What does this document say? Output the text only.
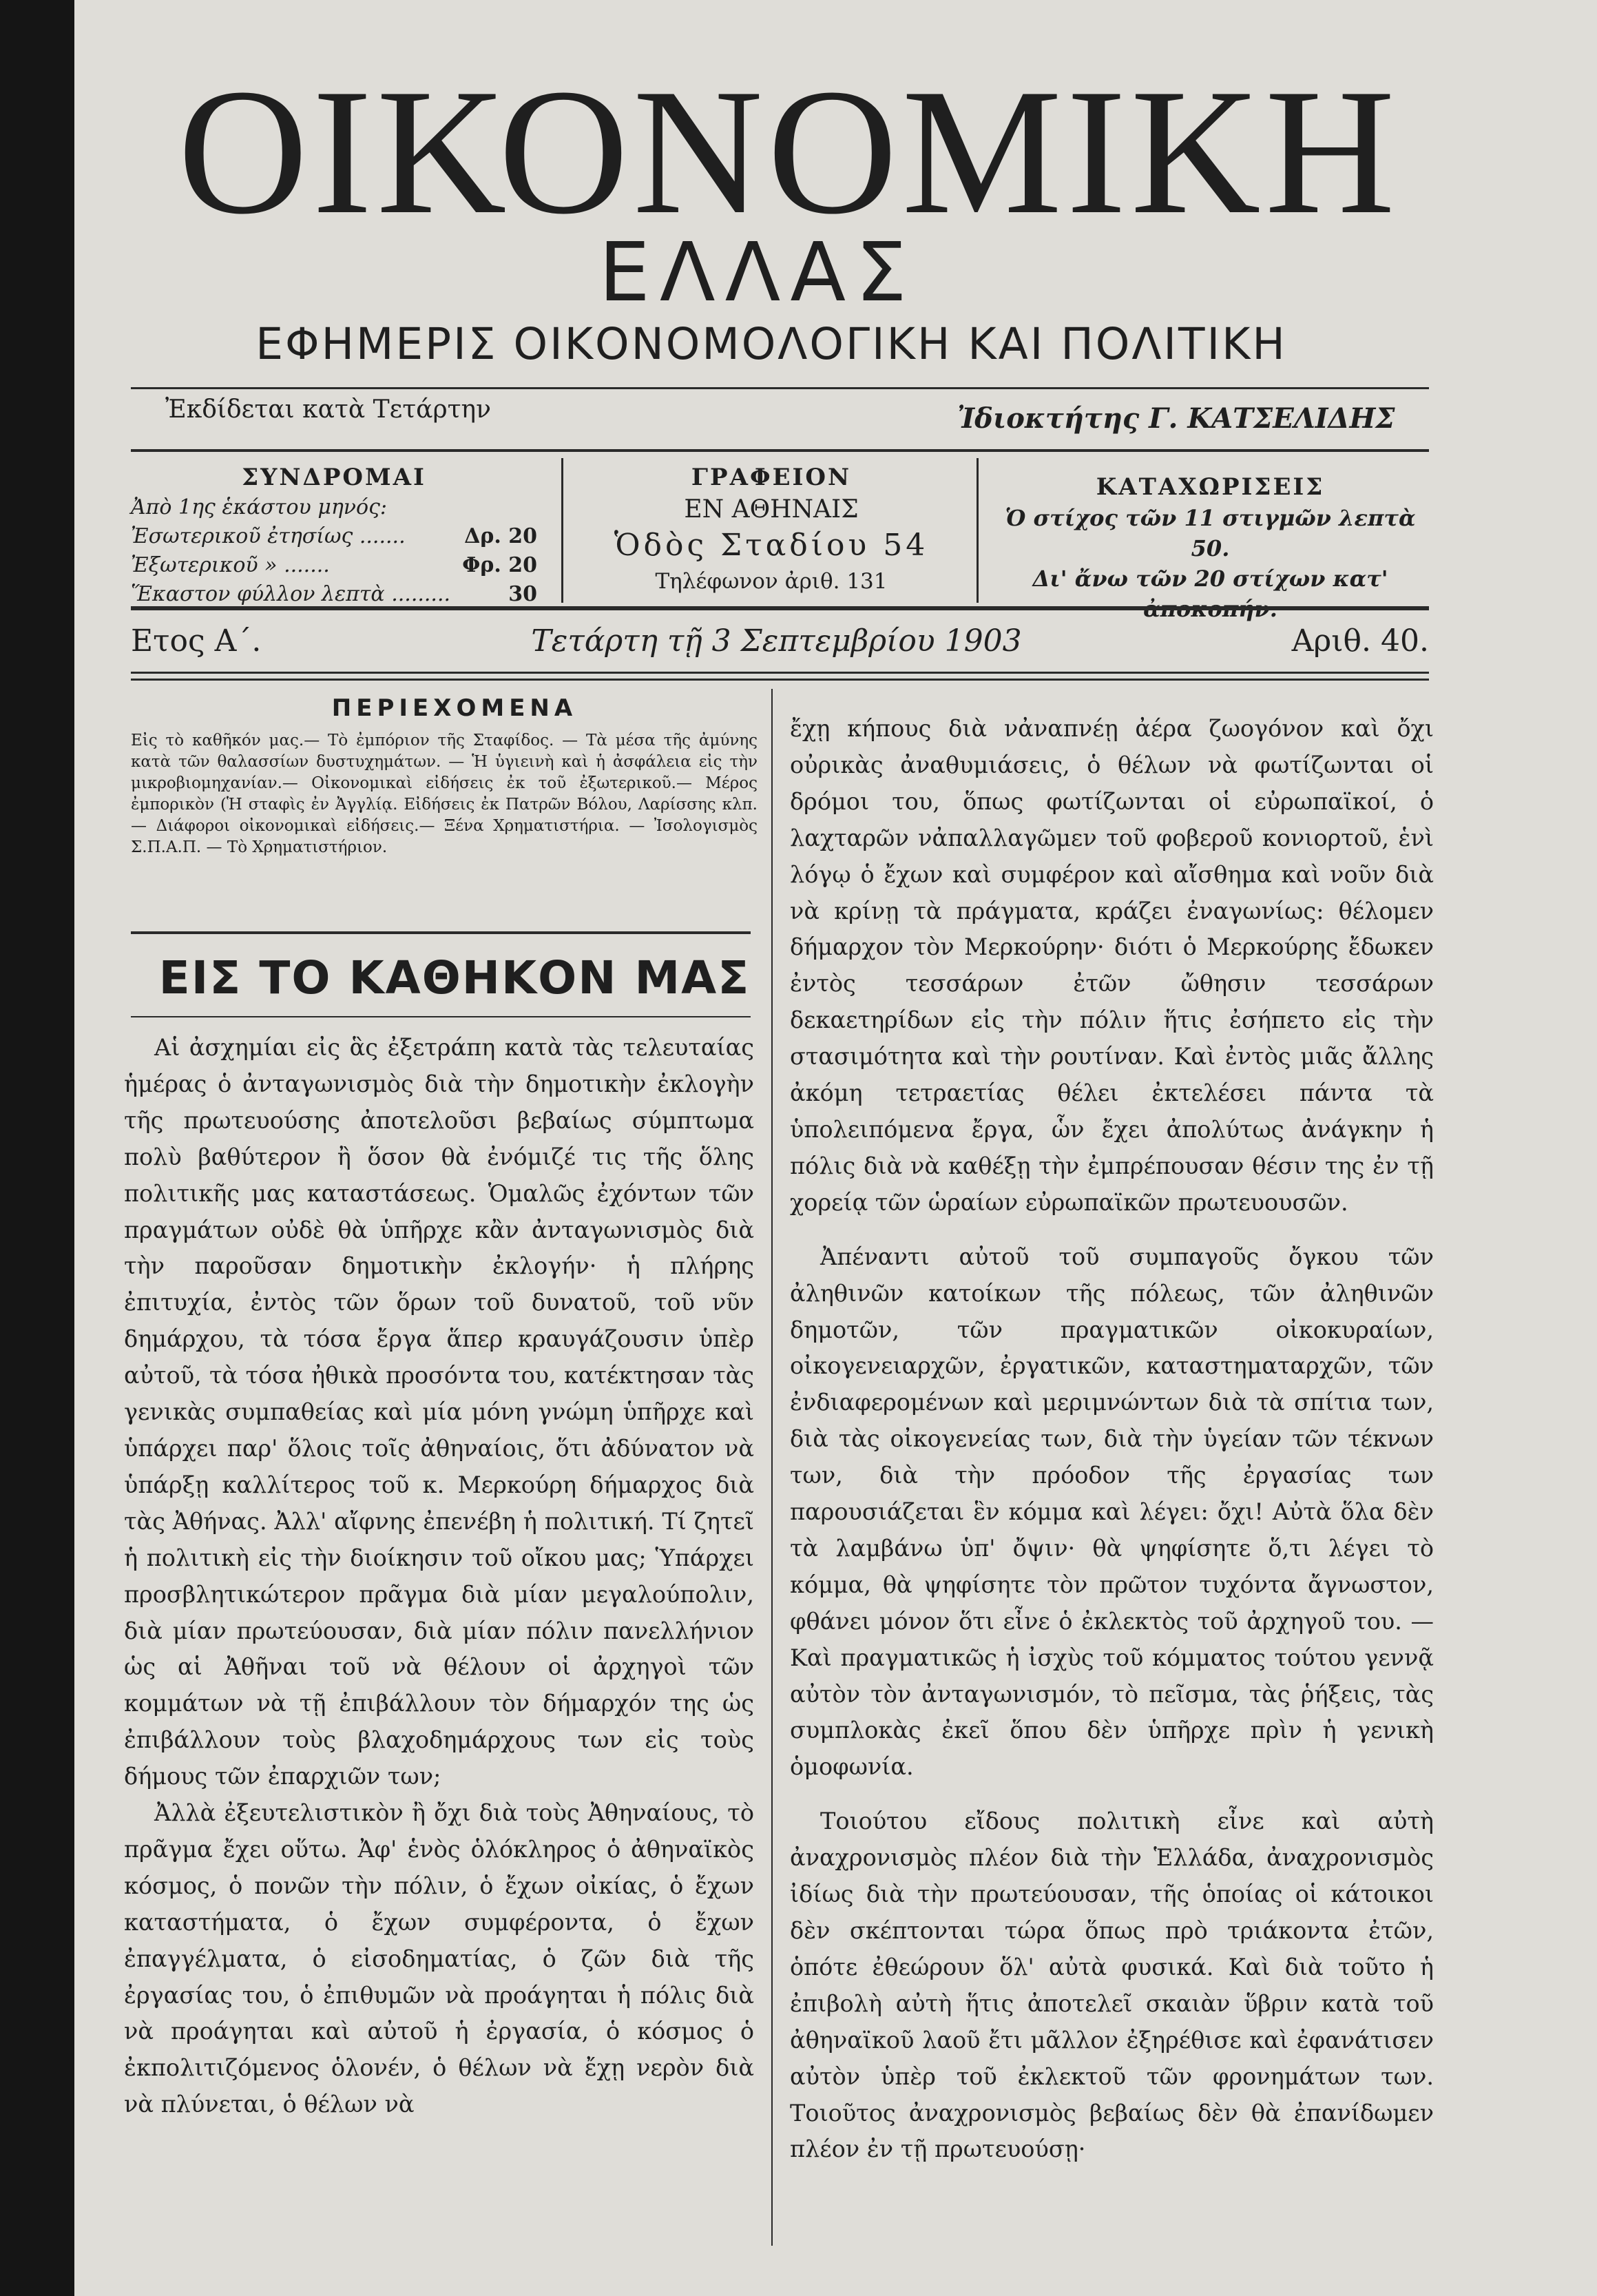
ΟΙΚΟΝΟΜΙΚΗ
ΕΛΛΑΣ
ΕΦΗΜΕΡΙΣ ΟΙΚΟΝΟΜΟΛΟΓΙΚΗ ΚΑΙ ΠΟΛΙΤΙΚΗ
Ἐκδίδεται κατὰ Τετάρτην	Ἰδιοκτήτης Γ. ΚΑΤΣΕΛΙΔΗΣ
ΣΥΝΔΡΟΜΑΙ
Ἀπὸ 1ης ἑκάστου μηνός:
Ἐσωτερικοῦ ἐτησίως .......	Δρ. 20
Ἐξωτερικοῦ » .......	Φρ. 20
Ἕκαστον φύλλον λεπτὰ .........	30
ΓΡΑΦΕΙΟΝ
ΕΝ ΑΘΗΝΑΙΣ
Ὁδὸς Σταδίου 54
Τηλέφωνον ἀριθ. 131
ΚΑΤΑΧΩΡΙΣΕΙΣ
Ὁ στίχος τῶν 11 στιγμῶν λεπτὰ 50.
Δι' ἄνω τῶν 20 στίχων κατ'
Ετος Α΄.	Τετάρτη τῇ 3 Σεπτεμβρίου 1903	Αριθ. 40.
ΠΕΡΙΕΧΟΜΕΝΑ
Εἰς τὸ καθῆκόν μας.— Τὸ ἐμπόριον τῆς Σταφίδος. — Τὰ μέσα τῆς ἀμύνης κατὰ τῶν θαλασσίων δυστυχημάτων. — Ἡ ὑγιεινὴ καὶ ἡ ἀσφάλεια εἰς τὴν μικροβιομηχανίαν.— Οἰκονομικαὶ εἰδήσεις ἐκ τοῦ ἐξωτερικοῦ.— Μέρος ἐμπορικὸν (Ἡ σταφὶς ἐν Ἀγγλίᾳ. Εἰδήσεις ἐκ Πατρῶν Βόλου, Λαρίσσης κλπ.— Διάφοροι οἰκονομικαὶ εἰδήσεις.— Ξένα Χρηματιστήρια. — Ἰσολογισμὸς Σ.Π.Α.Π. — Τὸ Χρηματιστήριον.
ΕΙΣ ΤΟ ΚΑΘΗΚΟΝ ΜΑΣ

Αἱ ἀσχημίαι εἰς ἃς ἐξετράπη κατὰ τὰς τελευταίας ἡμέρας ὁ ἀνταγωνισμὸς διὰ τὴν δημοτικὴν ἐκλογὴν τῆς πρωτευούσης ἀποτελοῦσι βεβαίως σύμπτωμα πολὺ βαθύτερον ἢ ὅσον θὰ ἐνόμιζέ τις τῆς ὅλης πολιτικῆς μας καταστάσεως. Ὁμαλῶς ἐχόντων τῶν πραγμάτων οὐδὲ θὰ ὑπῆρχε κἂν ἀνταγωνισμὸς διὰ τὴν παροῦσαν δημοτικὴν ἐκλογήν· ἡ πλήρης ἐπιτυχία, ἐντὸς τῶν ὅρων τοῦ δυνατοῦ, τοῦ νῦν δημάρχου, τὰ τόσα ἔργα ἅπερ κραυγάζουσιν ὑπὲρ αὐτοῦ, τὰ τόσα ἠθικὰ προσόντα του, κατέκτησαν τὰς γενικὰς συμπαθείας καὶ μία μόνη γνώμη ὑπῆρχε καὶ ὑπάρχει παρ' ὅλοις τοῖς ἀθηναίοις, ὅτι ἀδύνατον νὰ ὑπάρξῃ καλλίτερος τοῦ κ. Μερκούρη δήμαρχος διὰ τὰς Ἀθήνας. Ἀλλ' αἴφνης ἐπενέβη ἡ πολιτική. Τί ζητεῖ ἡ πολιτικὴ εἰς τὴν διοίκησιν τοῦ οἴκου μας; Ὑπάρχει προσβλητικώτερον πρᾶγμα διὰ μίαν μεγαλούπολιν, διὰ μίαν πρωτεύουσαν, διὰ μίαν πόλιν πανελλήνιον ὡς αἱ Ἀθῆναι τοῦ νὰ θέλουν οἱ ἀρχηγοὶ τῶν κομμάτων νὰ τῇ ἐπιβάλλουν τὸν δήμαρχόν της ὡς ἐπιβάλλουν τοὺς βλαχοδημάρχους των εἰς τοὺς δήμους τῶν ἐπαρχιῶν των;

Ἀλλὰ ἐξευτελιστικὸν ἢ ὄχι διὰ τοὺς Ἀθηναίους, τὸ πρᾶγμα ἔχει οὕτω. Ἀφ' ἑνὸς ὁλόκληρος ὁ ἀθηναϊκὸς κόσμος, ὁ πονῶν τὴν πόλιν, ὁ ἔχων οἰκίας, ὁ ἔχων καταστήματα, ὁ ἔχων συμφέροντα, ὁ ἔχων ἐπαγγέλματα, ὁ εἰσοδηματίας, ὁ ζῶν διὰ τῆς ἐργασίας του, ὁ ἐπιθυμῶν νὰ προάγηται ἡ πόλις διὰ νὰ προάγηται καὶ αὐτοῦ ἡ ἐργασία, ὁ κόσμος ὁ ἐκπολιτιζόμενος ὁλονέν, ὁ θέλων νὰ ἔχῃ νερὸν διὰ νὰ πλύνεται, ὁ θέλων νὰ

ἔχῃ κήπους διὰ νἀναπνέῃ ἀέρα ζωογόνον καὶ ὄχι οὐρικὰς ἀναθυμιάσεις, ὁ θέλων νὰ φωτίζωνται οἱ δρόμοι του, ὅπως φωτίζωνται οἱ εὐρωπαϊκοί, ὁ λαχταρῶν νἀπαλλαγῶμεν τοῦ φοβεροῦ κονιορτοῦ, ἑνὶ λόγῳ ὁ ἔχων καὶ συμφέρον καὶ αἴσθημα καὶ νοῦν διὰ νὰ κρίνῃ τὰ πράγματα, κράζει ἐναγωνίως: θέλομεν δήμαρχον τὸν Μερκούρην· διότι ὁ Μερκούρης ἔδωκεν ἐντὸς τεσσάρων ἐτῶν ὤθησιν τεσσάρων δεκαετηρίδων εἰς τὴν πόλιν ἥτις ἐσήπετο εἰς τὴν στασιμότητα καὶ τὴν ρουτίναν. Καὶ ἐντὸς μιᾶς ἄλλης ἀκόμη τετραετίας θέλει ἐκτελέσει πάντα τὰ ὑπολειπόμενα ἔργα, ὧν ἔχει ἀπολύτως ἀνάγκην ἡ πόλις διὰ νὰ καθέξῃ τὴν ἐμπρέπουσαν θέσιν της ἐν τῇ χορείᾳ τῶν ὡραίων εὐρωπαϊκῶν πρωτευουσῶν.

Ἀπέναντι αὐτοῦ τοῦ συμπαγοῦς ὄγκου τῶν ἀληθινῶν κατοίκων τῆς πόλεως, τῶν ἀληθινῶν δημοτῶν, τῶν πραγματικῶν οἰκοκυραίων, οἰκογενειαρχῶν, ἐργατικῶν, καταστηματαρχῶν, τῶν ἐνδιαφερομένων καὶ μεριμνώντων διὰ τὰ σπίτια των, διὰ τὰς οἰκογενείας των, διὰ τὴν ὑγείαν τῶν τέκνων των, διὰ τὴν πρόοδον τῆς ἐργασίας των παρουσιάζεται ἓν κόμμα καὶ λέγει: ὄχι! Αὐτὰ ὅλα δὲν τὰ λαμβάνω ὑπ' ὄψιν· θὰ ψηφίσητε ὅ,τι λέγει τὸ κόμμα, θὰ ψηφίσητε τὸν πρῶτον τυχόντα ἄγνωστον, φθάνει μόνον ὅτι εἶνε ὁ ἐκλεκτὸς τοῦ ἀρχηγοῦ του. — Καὶ πραγματικῶς ἡ ἰσχὺς τοῦ κόμματος τούτου γεννᾷ αὐτὸν τὸν ἀνταγωνισμόν, τὸ πεῖσμα, τὰς ῥήξεις, τὰς συμπλοκὰς ἐκεῖ ὅπου δὲν ὑπῆρχε πρὶν ἡ γενικὴ ὁμοφωνία.

Τοιούτου εἴδους πολιτικὴ εἶνε καὶ αὐτὴ ἀναχρονισμὸς πλέον διὰ τὴν Ἑλλάδα, ἀναχρονισμὸς ἰδίως διὰ τὴν πρωτεύουσαν, τῆς ὁποίας οἱ κάτοικοι δὲν σκέπτονται τώρα ὅπως πρὸ τριάκοντα ἐτῶν, ὁπότε ἐθεώρουν ὅλ' αὐτὰ φυσικά. Καὶ διὰ τοῦτο ἡ ἐπιβολὴ αὐτὴ ἥτις ἀποτελεῖ σκαιὰν ὕβριν κατὰ τοῦ ἀθηναϊκοῦ λαοῦ ἔτι μᾶλλον ἐξηρέθισε καὶ ἐφανάτισεν αὐτὸν ὑπὲρ τοῦ ἐκλεκτοῦ τῶν φρονημάτων των. Τοιοῦτος ἀναχρονισμὸς βεβαίως δὲν θὰ ἐπανίδωμεν πλέον ἐν τῇ πρωτευούσῃ·
